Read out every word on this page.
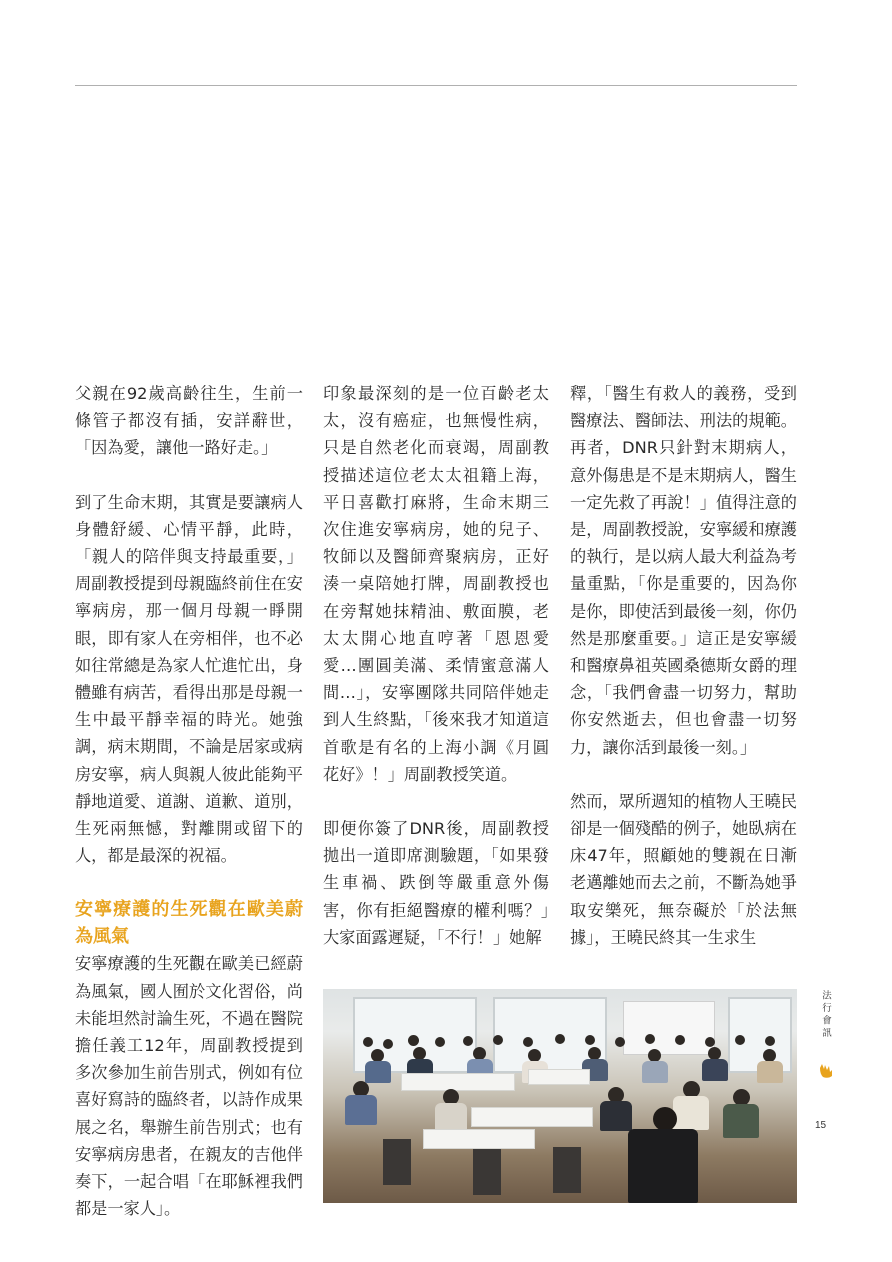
父親在92歲高齡往生，生前一條管子都沒有插，安詳辭世，「因為愛，讓他一路好走。」

到了生命末期，其實是要讓病人身體舒緩、心情平靜，此時，「親人的陪伴與支持最重要，」周副教授提到母親臨終前住在安寧病房，那一個月母親一睜開眼，即有家人在旁相伴，也不必如往常總是為家人忙進忙出，身體雖有病苦，看得出那是母親一生中最平靜幸福的時光。她強調，病末期間，不論是居家或病房安寧，病人與親人彼此能夠平靜地道愛、道謝、道歉、道別，生死兩無憾，對離開或留下的人，都是最深的祝福。

安寧療護的生死觀在歐美蔚為風氣

安寧療護的生死觀在歐美已經蔚為風氣，國人囿於文化習俗，尚未能坦然討論生死，不過在醫院擔任義工12年，周副教授提到多次參加生前告別式，例如有位喜好寫詩的臨終者，以詩作成果展之名，舉辦生前告別式；也有安寧病房患者，在親友的吉他伴奏下，一起合唱「在耶穌裡我們都是一家人」。

印象最深刻的是一位百齡老太太，沒有癌症，也無慢性病，只是自然老化而衰竭，周副教授描述這位老太太祖籍上海，平日喜歡打麻將，生命末期三次住進安寧病房，她的兒子、牧師以及醫師齊聚病房，正好湊一桌陪她打牌，周副教授也在旁幫她抹精油、敷面膜，老太太開心地直哼著「恩恩愛愛…團圓美滿、柔情蜜意滿人間…」，安寧團隊共同陪伴她走到人生終點，「後來我才知道這首歌是有名的上海小調《月圓花好》！」周副教授笑道。

即便你簽了DNR後，周副教授拋出一道即席測驗題，「如果發生車禍、跌倒等嚴重意外傷害，你有拒絕醫療的權利嗎？」大家面露遲疑，「不行！」她解

釋，「醫生有救人的義務，受到醫療法、醫師法、刑法的規範。再者，DNR只針對末期病人，意外傷患是不是末期病人，醫生一定先救了再說！」值得注意的是，周副教授說，安寧緩和療護的執行，是以病人最大利益為考量重點，「你是重要的，因為你是你，即使活到最後一刻，你仍然是那麼重要。」這正是安寧緩和醫療鼻祖英國桑德斯女爵的理念，「我們會盡一切努力，幫助你安然逝去，但也會盡一切努力，讓你活到最後一刻。」

然而，眾所週知的植物人王曉民卻是一個殘酷的例子，她臥病在床47年，照顧她的雙親在日漸老邁離她而去之前，不斷為她爭取安樂死，無奈礙於「於法無據」，王曉民終其一生求生

法行會訊
15
